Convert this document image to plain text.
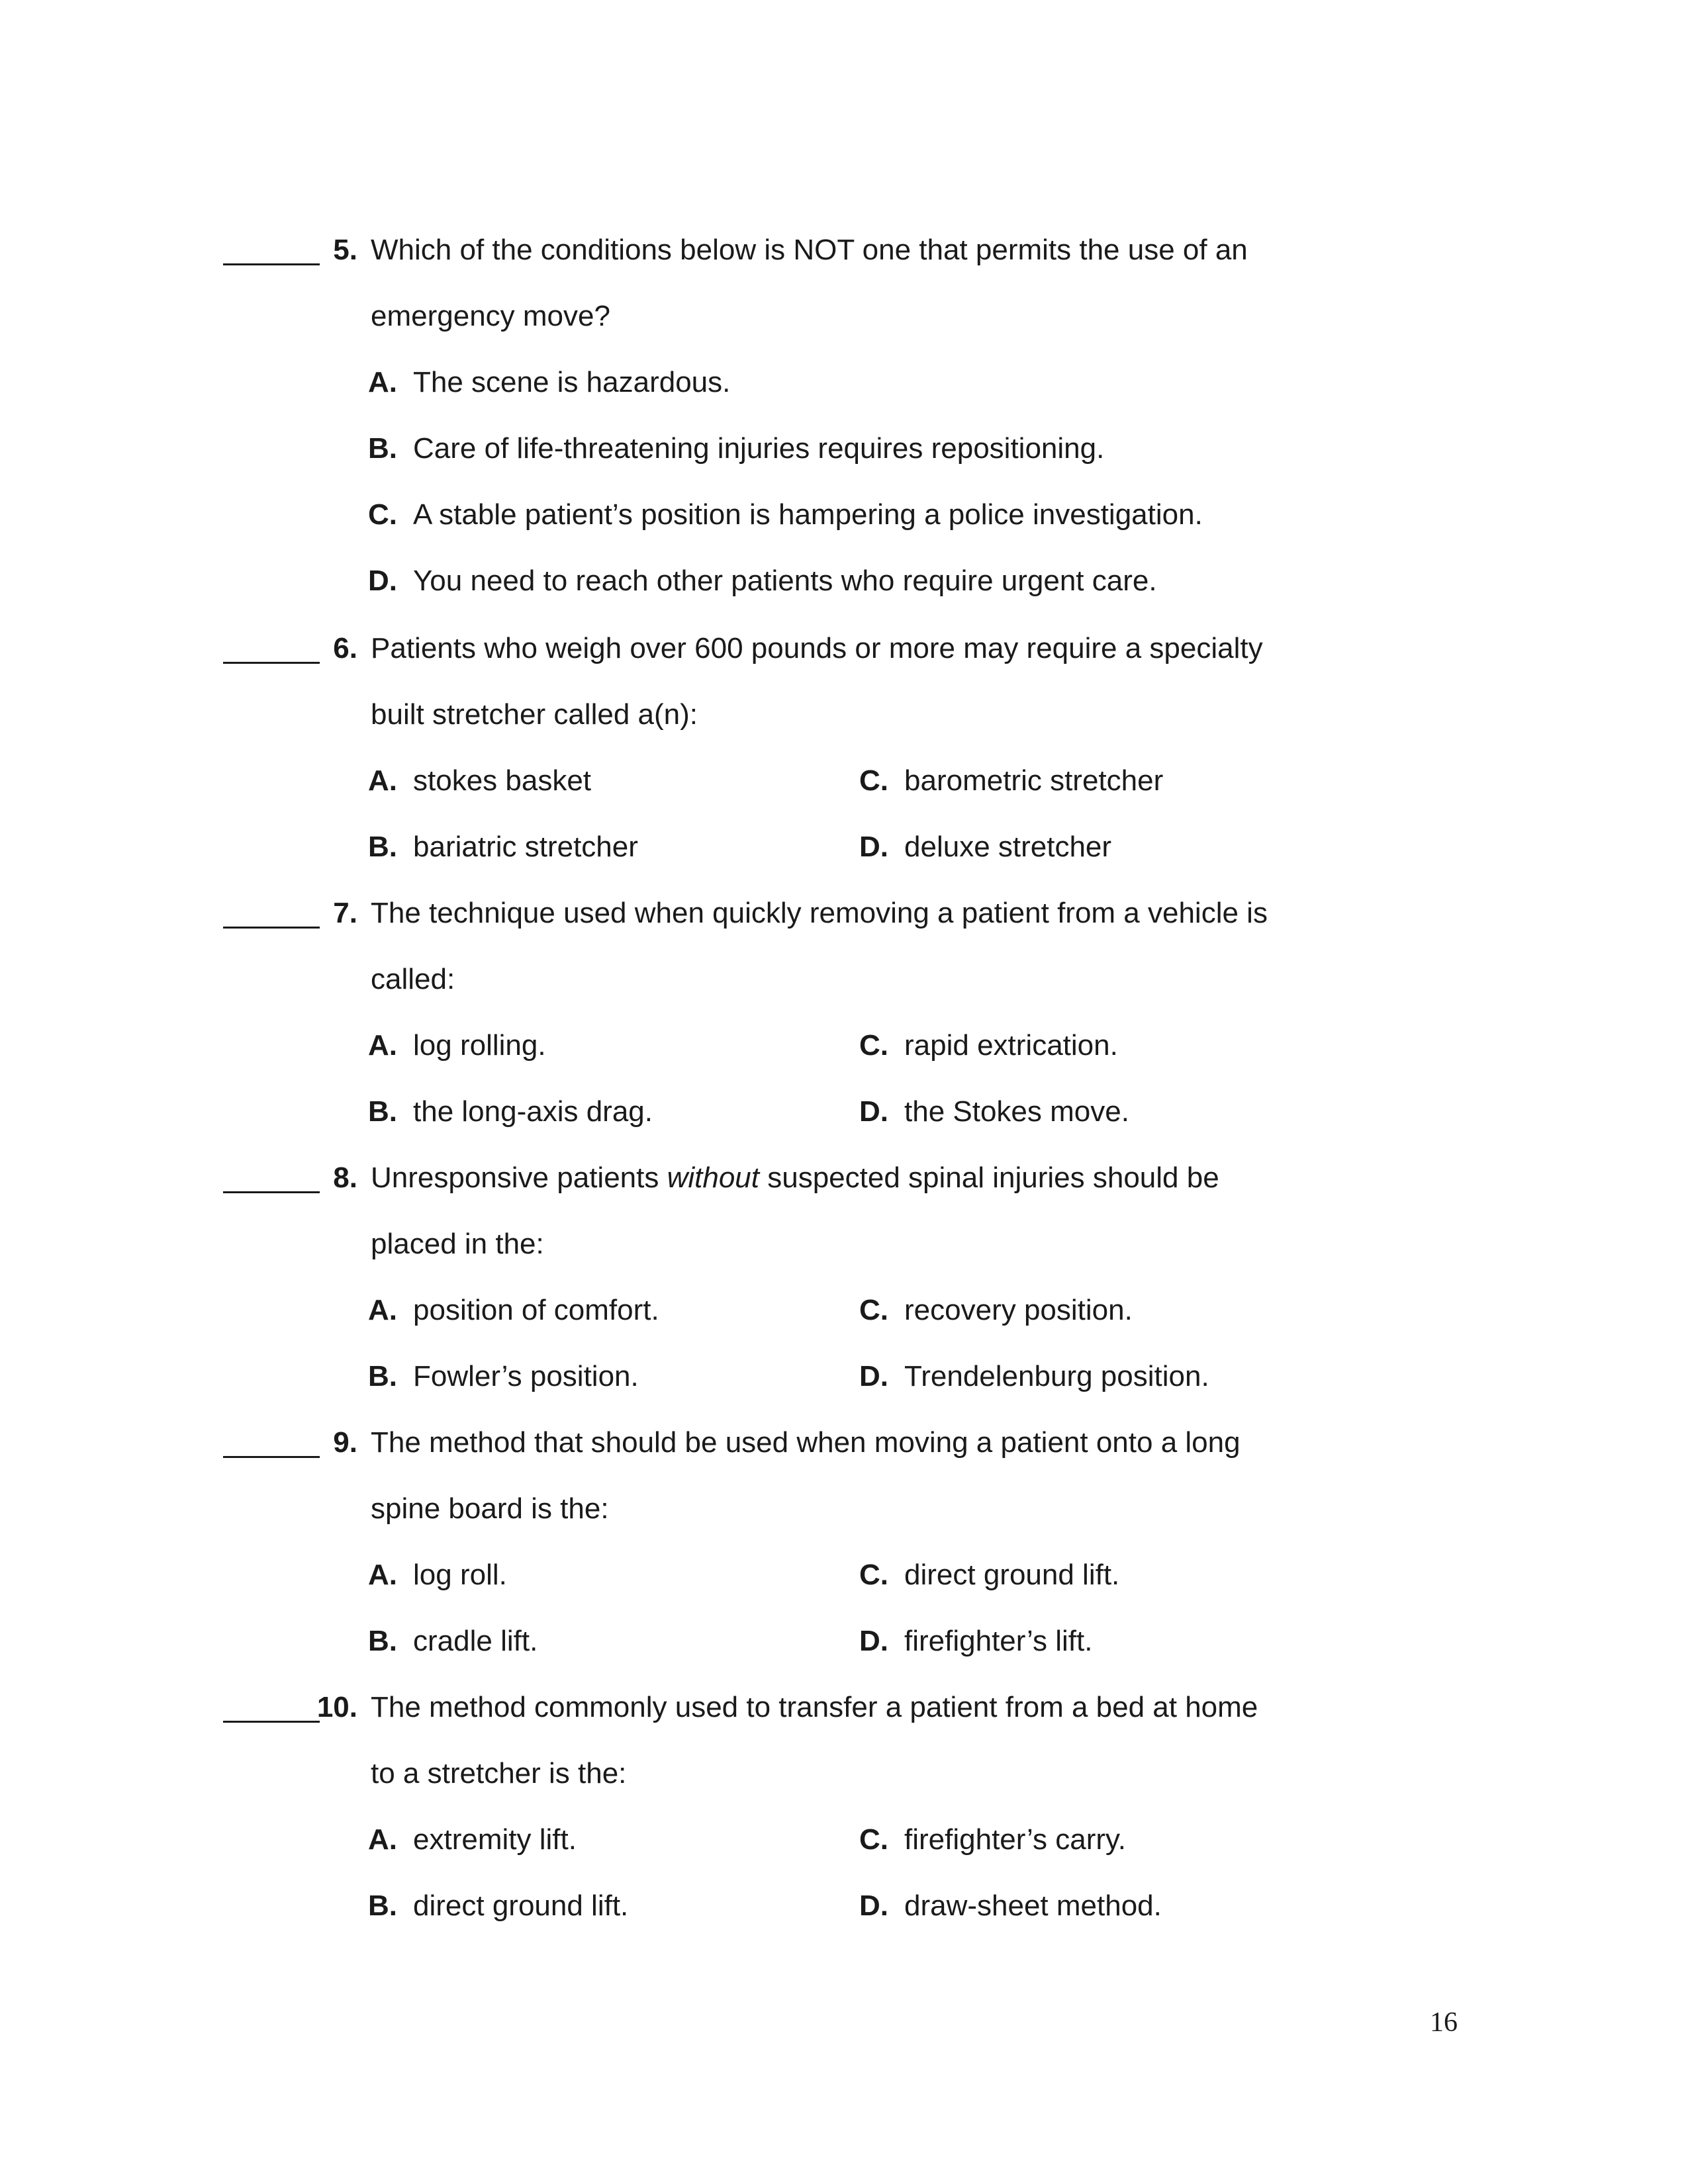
5. Which of the conditions below is NOT one that permits the use of an
emergency move?
A. The scene is hazardous.
B. Care of life-threatening injuries requires repositioning.
C. A stable patient’s position is hampering a police investigation.
D. You need to reach other patients who require urgent care.
6. Patients who weigh over 600 pounds or more may require a specialty
built stretcher called a(n):
A. stokes basket	C. barometric stretcher
B. bariatric stretcher	D. deluxe stretcher
7. The technique used when quickly removing a patient from a vehicle is
called:
A. log rolling.	C. rapid extrication.
B. the long-axis drag.	D. the Stokes move.
8. Unresponsive patients without suspected spinal injuries should be
placed in the:
A. position of comfort.	C. recovery position.
B. Fowler’s position.	D. Trendelenburg position.
9. The method that should be used when moving a patient onto a long
spine board is the:
A. log roll.	C. direct ground lift.
B. cradle lift.	D. firefighter’s lift.
10. The method commonly used to transfer a patient from a bed at home
to a stretcher is the:
A. extremity lift.	C. firefighter’s carry.
B. direct ground lift.	D. draw-sheet method.
16
